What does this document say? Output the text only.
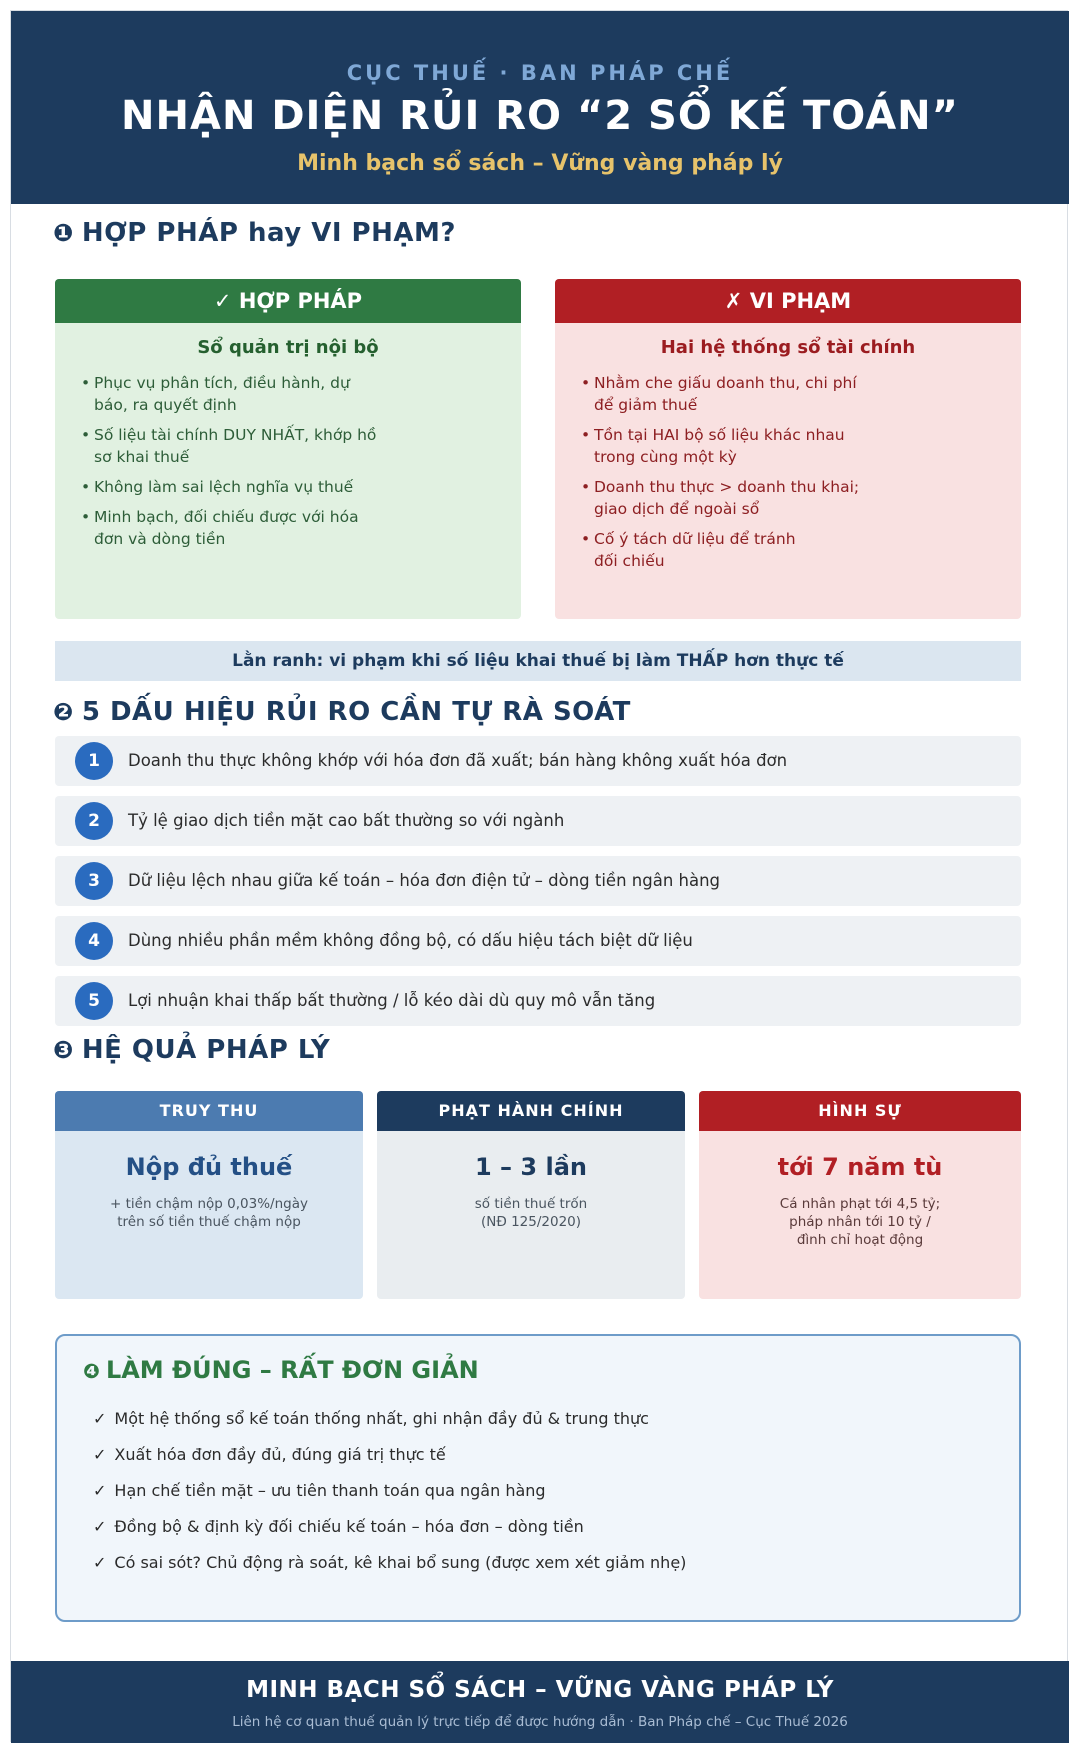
CỤC THUẾ · BAN PHÁP CHẾ
NHẬN DIỆN RỦI RO “2 SỔ KẾ TOÁN”
Minh bạch sổ sách – Vững vàng pháp lý
❶ HỢP PHÁP hay VI PHẠM?
✓ HỢP PHÁP
Sổ quản trị nội bộ
• Phục vụ phân tích, điều hành, dự báo, ra quyết định
• Số liệu tài chính DUY NHẤT, khớp hồ sơ khai thuế
• Không làm sai lệch nghĩa vụ thuế
• Minh bạch, đối chiếu được với hóa đơn và dòng tiền
✗ VI PHẠM
Hai hệ thống sổ tài chính
• Nhằm che giấu doanh thu, chi phí để giảm thuế
• Tồn tại HAI bộ số liệu khác nhau trong cùng một kỳ
• Doanh thu thực > doanh thu khai; giao dịch để ngoài sổ
• Cố ý tách dữ liệu để tránh đối chiếu
Lằn ranh: vi phạm khi số liệu khai thuế bị làm THẤP hơn thực tế
❷ 5 DẤU HIỆU RỦI RO CẦN TỰ RÀ SOÁT
1	Doanh thu thực không khớp với hóa đơn đã xuất; bán hàng không xuất hóa đơn
2	Tỷ lệ giao dịch tiền mặt cao bất thường so với ngành
3	Dữ liệu lệch nhau giữa kế toán – hóa đơn điện tử – dòng tiền ngân hàng
4	Dùng nhiều phần mềm không đồng bộ, có dấu hiệu tách biệt dữ liệu
5	Lợi nhuận khai thấp bất thường / lỗ kéo dài dù quy mô vẫn tăng
❸ HỆ QUẢ PHÁP LÝ
TRUY THU
Nộp đủ thuế
+ tiền chậm nộp 0,03%/ngày
trên số tiền thuế chậm nộp
PHẠT HÀNH CHÍNH
1 – 3 lần
số tiền thuế trốn
(NĐ 125/2020)
HÌNH SỰ
tới 7 năm tù
Cá nhân phạt tới 4,5 tỷ;
pháp nhân tới 10 tỷ /
đình chỉ hoạt động
❹ LÀM ĐÚNG – RẤT ĐƠN GIẢN
✓ Một hệ thống sổ kế toán thống nhất, ghi nhận đầy đủ & trung thực
✓ Xuất hóa đơn đầy đủ, đúng giá trị thực tế
✓ Hạn chế tiền mặt – ưu tiên thanh toán qua ngân hàng
✓ Đồng bộ & định kỳ đối chiếu kế toán – hóa đơn – dòng tiền
✓ Có sai sót? Chủ động rà soát, kê khai bổ sung (được xem xét giảm nhẹ)
MINH BẠCH SỔ SÁCH – VỮNG VÀNG PHÁP LÝ
Liên hệ cơ quan thuế quản lý trực tiếp để được hướng dẫn · Ban Pháp chế – Cục Thuế 2026
